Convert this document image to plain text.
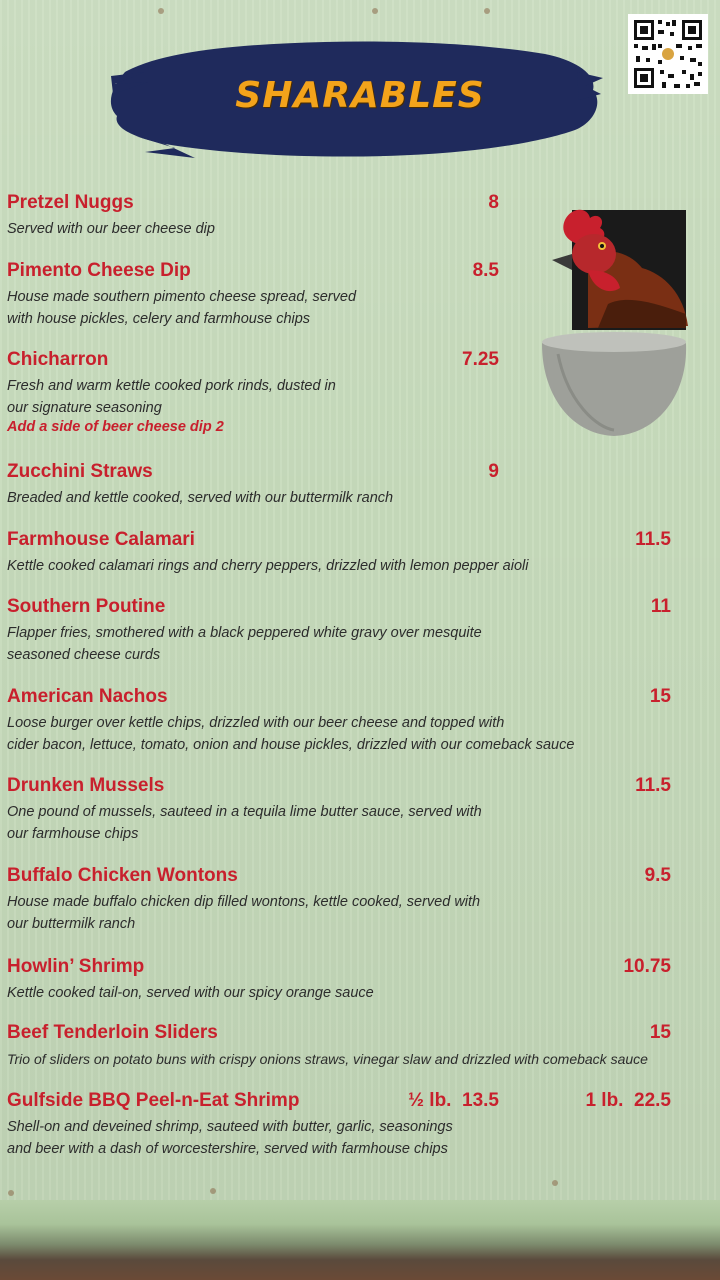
SHARABLES
Pretzel Nuggs	8
Served with our beer cheese dip
Pimento Cheese Dip	8.5
House made southern pimento cheese spread, served
with house pickles, celery and farmhouse chips
Chicharron	7.25
Fresh and warm kettle cooked pork rinds, dusted in
our signature seasoning
Add a side of beer cheese dip 2
Zucchini Straws	9
Breaded and kettle cooked, served with our buttermilk ranch
Farmhouse Calamari	11.5
Kettle cooked calamari rings and cherry peppers, drizzled with lemon pepper aioli
Southern Poutine	11
Flapper fries, smothered with a black peppered white gravy over mesquite
seasoned cheese curds
American Nachos	15
Loose burger over kettle chips, drizzled with our beer cheese and topped with
cider bacon, lettuce, tomato, onion and house pickles, drizzled with our comeback sauce
Drunken Mussels	11.5
One pound of mussels, sauteed in a tequila lime butter sauce, served with
our farmhouse chips
Buffalo Chicken Wontons	9.5
House made buffalo chicken dip filled wontons, kettle cooked, served with
our buttermilk ranch
Howlin’ Shrimp	10.75
Kettle cooked tail-on, served with our spicy orange sauce
Beef Tenderloin Sliders	15
Trio of sliders on potato buns with crispy onions straws, vinegar slaw and drizzled with comeback sauce
Gulfside BBQ Peel-n-Eat Shrimp	½ lb.  13.5	1 lb.  22.5
Shell-on and deveined shrimp, sauteed with butter, garlic, seasonings
and beer with a dash of worcestershire, served with farmhouse chips
